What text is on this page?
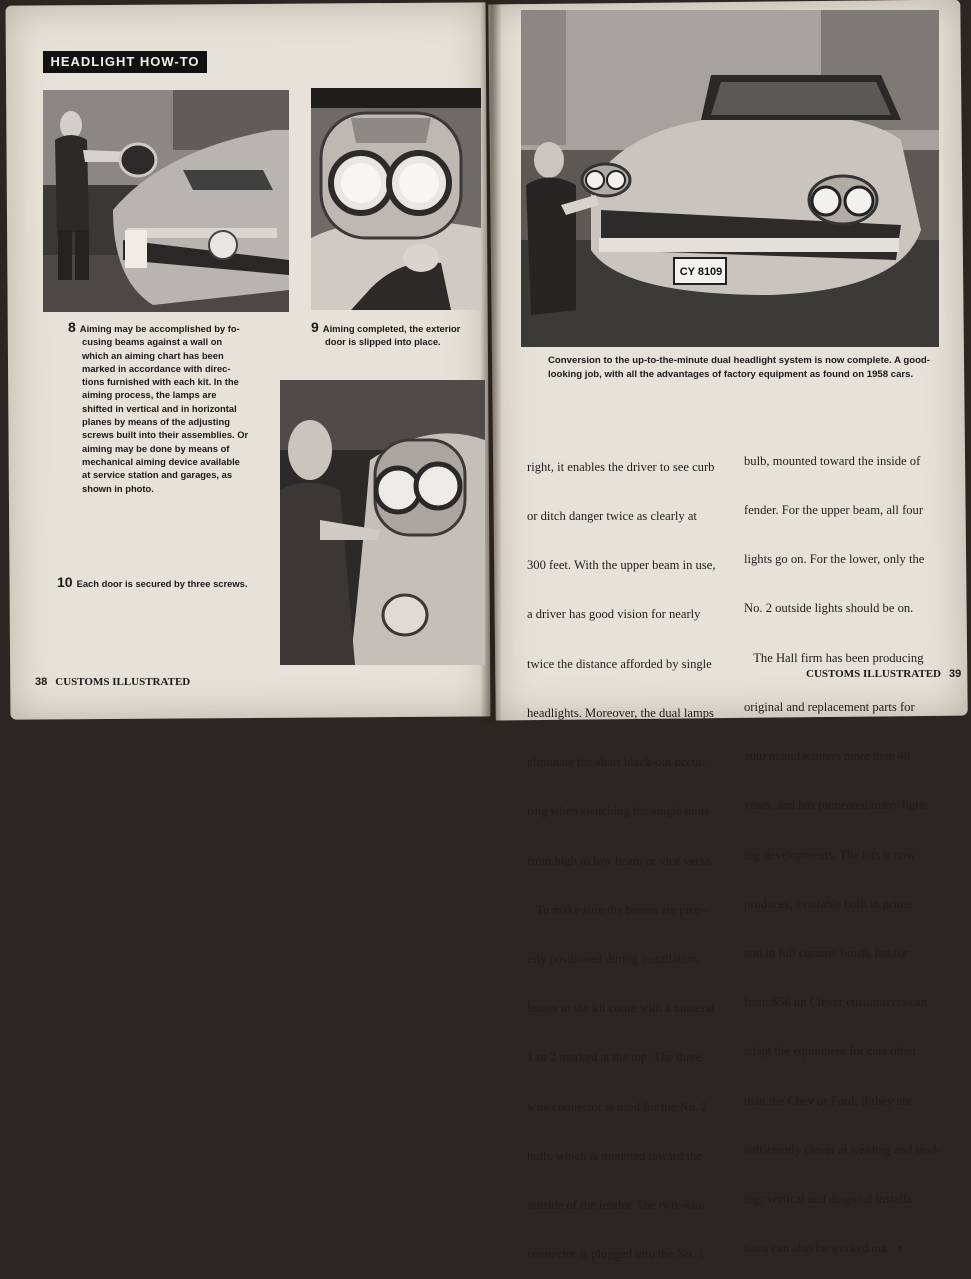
HEADLIGHT HOW-TO
CY 8109
8 Aiming may be accomplished by fo-
cusing beams against a wall on
which an aiming chart has been
marked in accordance with direc-
tions furnished with each kit. In the
aiming process, the lamps are
shifted in vertical and in horizontal
planes by means of the adjusting
screws built into their assemblies. Or
aiming may be done by means of
mechanical aiming device available
at service station and garages, as
shown in photo.
9 Aiming completed, the exterior
door is slipped into place.
10 Each door is secured by three screws.
Conversion to the up-to-the-minute dual headlight system is now complete. A good-
looking job, with all the advantages of factory equipment as found on 1958 cars.

right, it enables the driver to see curb

or ditch danger twice as clearly at

300 feet. With the upper beam in use,

a driver has good vision for nearly

twice the distance afforded by single

headlights. Moreover, the dual lamps

eliminate the short black-out occur-

ring when switching the single units

from high to low beam or vice versa.

To make sure the beams are prop-

erly positioned during installation,

lenses in the kit come with a numeral

1 or 2 marked at the top. The three-

wire connector is used for the No. 2

bulb, which is mounted toward the

outside of the fender. The two-wire

connector is plugged into the No. 1

bulb, mounted toward the inside of

fender. For the upper beam, all four

lights go on. For the lower, only the

No. 2 outside lights should be on.

The Hall firm has been producing

original and replacement parts for

auto manufacturers more than 49

years, and has pioneered many light-

ing developments. The kits it now

produces, available both in prime

and in full chrome finish, list for

from $56 up Clever customizers can

adapt the equipment for cars other

than the Chev or Ford, if they are

sufficiently clever at welding and lead-

ing; vertical and diagonal installa-

tions can also be worked out.  •

38 CUSTOMS ILLUSTRATED
CUSTOMS ILLUSTRATED 39
